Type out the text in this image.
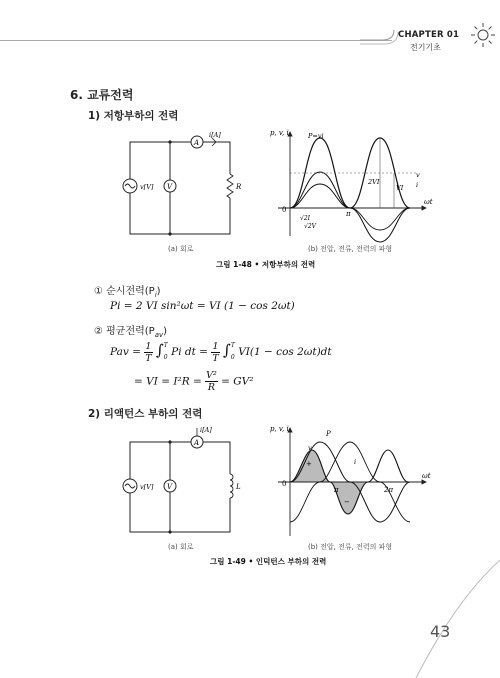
CHAPTER 01
전기기초
6. 교류전력
1) 저항부하의 전력
V
A
i[A]
v[V]	R
p, v, i
ωt
0
P=vi
v
i
2VI
VI
π
√2I
√2V
(a) 회로	(b) 전압, 전류, 전력의 파형
그림 1-48 • 저항부하의 전력
① 순시전력$(P_i)$
Pi = 2 VI sin²ωt = VI (1 − cos 2ωt)
② 평균전력$(P_{av})$
Pav = $\frac{1}{T}$ ∫ T
0 Pi dt = $\frac{1}{T}$ ∫ T
0 VI(1 − cos 2ωt)dt
= VI = $I^2R = \frac{\text{V²}}{R} = GV^2$
2) 리액턴스 부하의 전력
V
A
i[A]
v[V]	L
p, v, i
ωt
0
P
v
i
+
−
π	2π
(a) 회로	(b) 전압, 전류, 전력의 파형
그림 1-49 • 인덕턴스 부하의 전력
43
